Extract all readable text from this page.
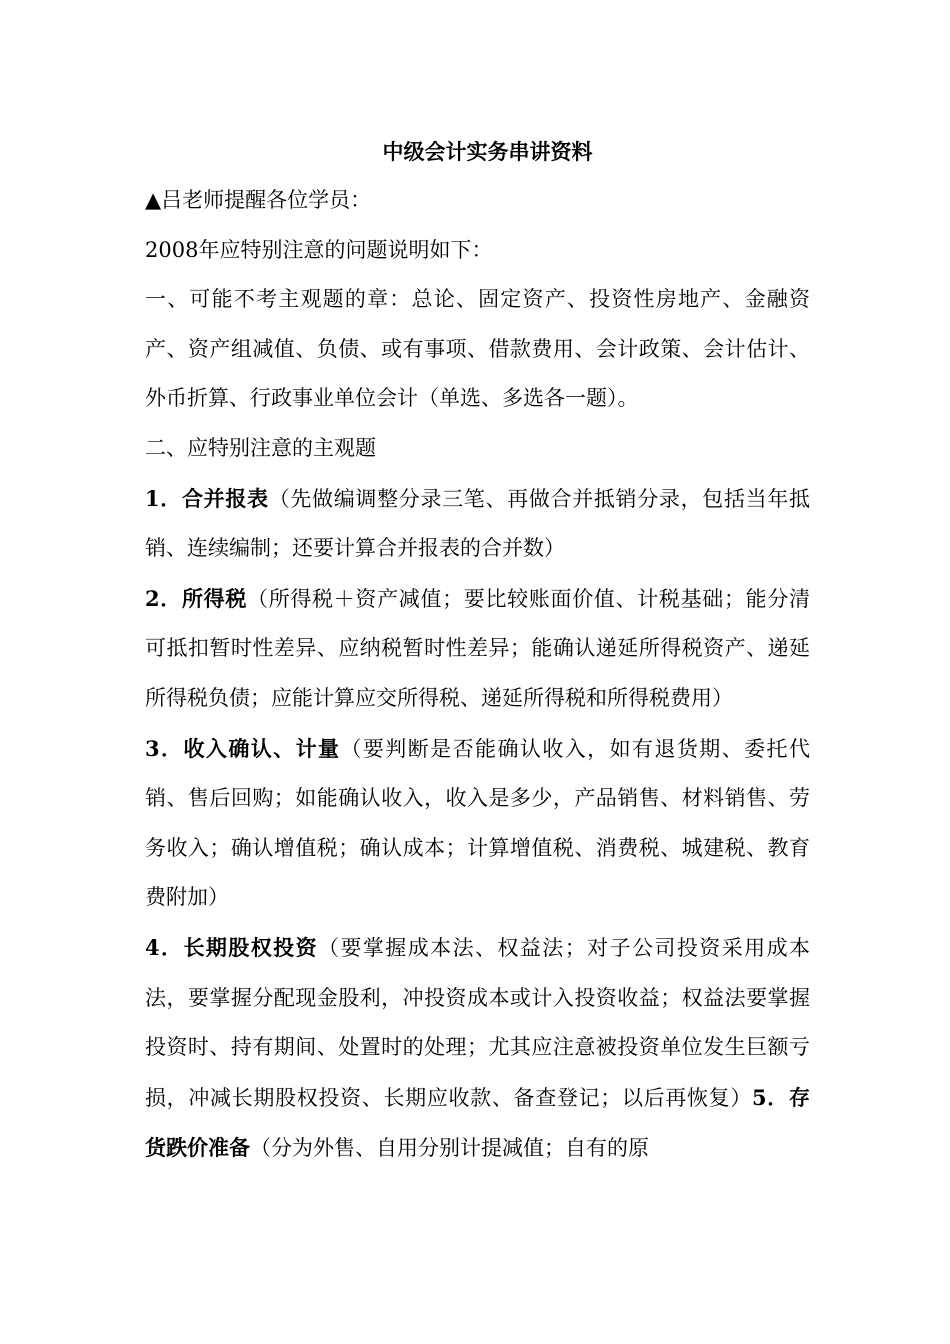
中级会计实务串讲资料

▲吕老师提醒各位学员：

2008年应特别注意的问题说明如下：

一、可能不考主观题的章：总论、固定资产、投资性房地产、金融资产、资产组减值、负债、或有事项、借款费用、会计政策、会计估计、外币折算、行政事业单位会计（单选、多选各一题）。

二、应特别注意的主观题

1．合并报表（先做编调整分录三笔、再做合并抵销分录，包括当年抵销、连续编制；还要计算合并报表的合并数）

2．所得税（所得税＋资产减值；要比较账面价值、计税基础；能分清可抵扣暂时性差异、应纳税暂时性差异；能确认递延所得税资产、递延所得税负债；应能计算应交所得税、递延所得税和所得税费用）

3．收入确认、计量（要判断是否能确认收入，如有退货期、委托代销、售后回购；如能确认收入，收入是多少，产品销售、材料销售、劳务收入；确认增值税；确认成本；计算增值税、消费税、城建税、教育费附加）

4．长期股权投资（要掌握成本法、权益法；对子公司投资采用成本法，要掌握分配现金股利，冲投资成本或计入投资收益；权益法要掌握投资时、持有期间、处置时的处理；尤其应注意被投资单位发生巨额亏损，冲减长期股权投资、长期应收款、备查登记；以后再恢复）5．存货跌价准备（分为外售、自用分别计提减值；自有的原
